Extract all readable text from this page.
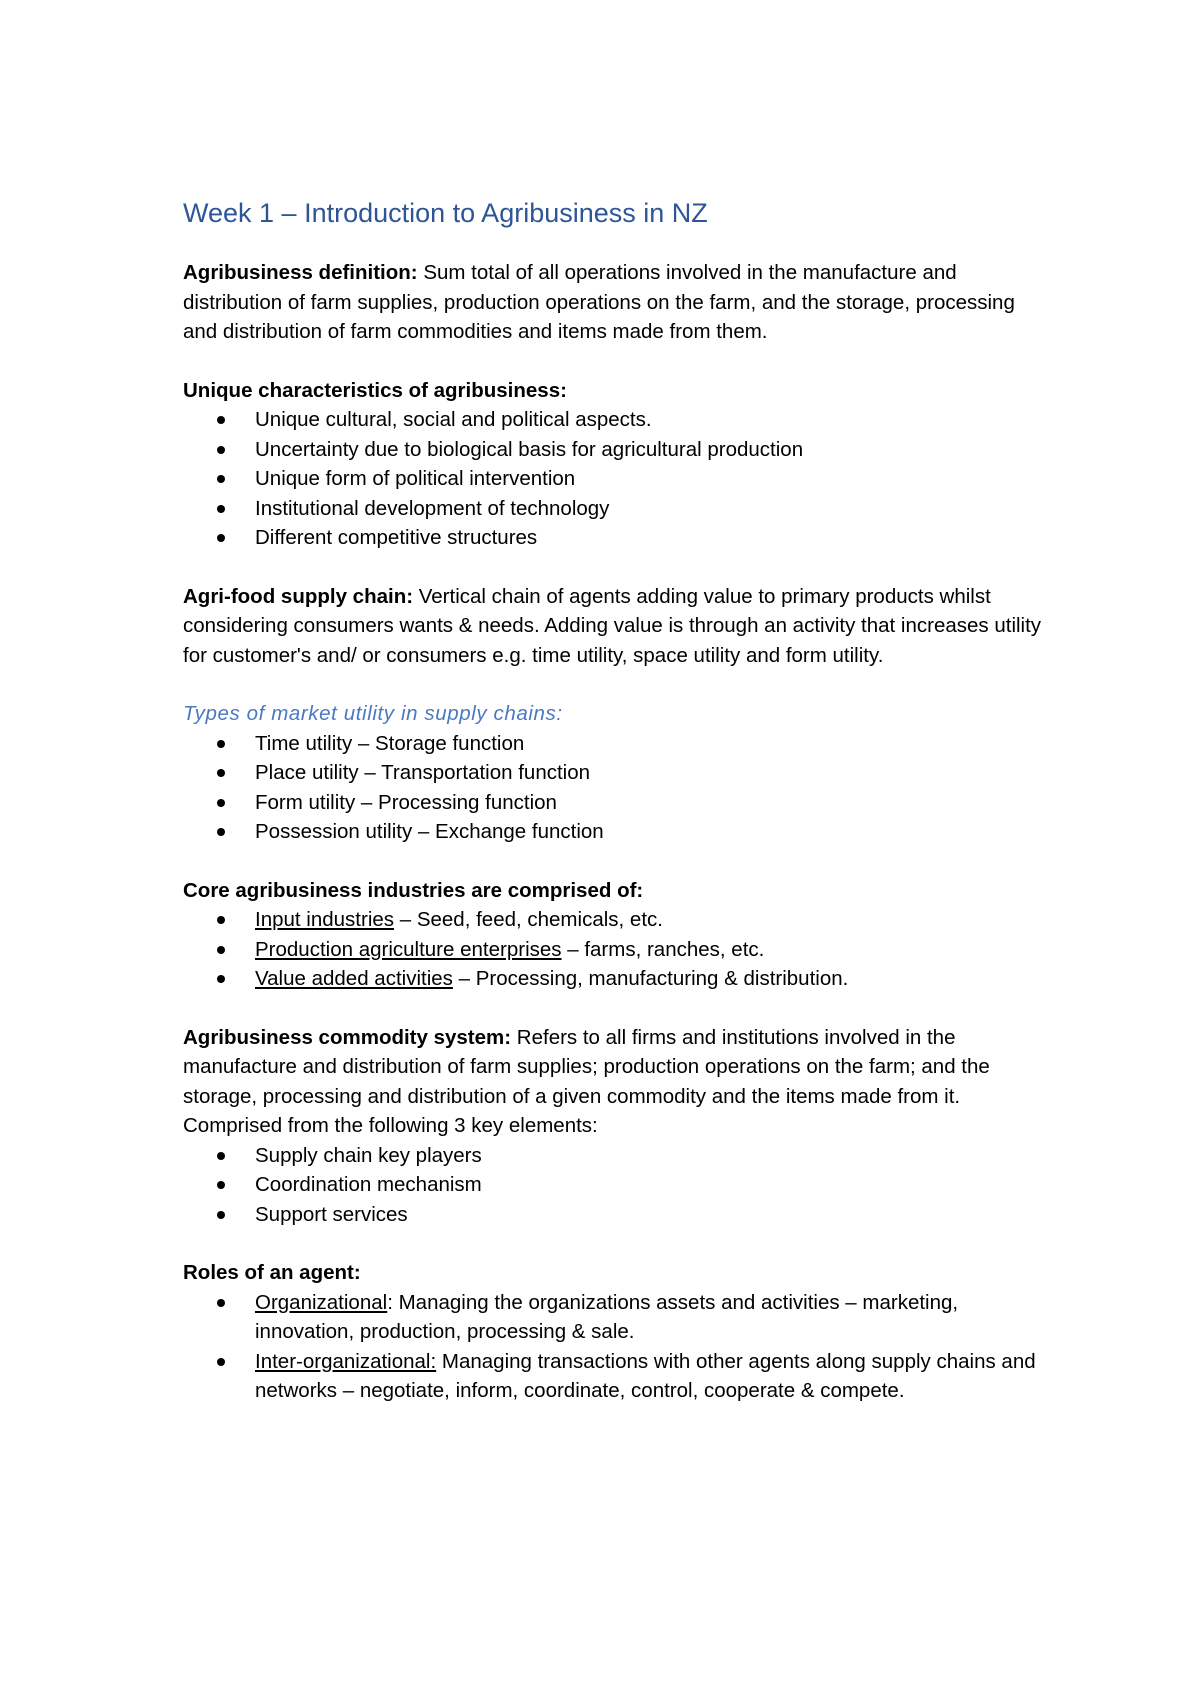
Week 1 – Introduction to Agribusiness in NZ

Agribusiness definition: Sum total of all operations involved in the manufacture and distribution of farm supplies, production operations on the farm, and the storage, processing and distribution of farm commodities and items made from them.

Unique characteristics of agribusiness:
Unique cultural, social and political aspects.
Uncertainty due to biological basis for agricultural production
Unique form of political intervention
Institutional development of technology
Different competitive structures

Agri-food supply chain: Vertical chain of agents adding value to primary products whilst considering consumers wants & needs. Adding value is through an activity that increases utility for customer's and/ or consumers e.g. time utility, space utility and form utility.

Types of market utility in supply chains:
Time utility – Storage function
Place utility – Transportation function
Form utility – Processing function
Possession utility – Exchange function
Core agribusiness industries are comprised of:
Input industries – Seed, feed, chemicals, etc.
Production agriculture enterprises – farms, ranches, etc.
Value added activities – Processing, manufacturing & distribution.

Agribusiness commodity system: Refers to all firms and institutions involved in the manufacture and distribution of farm supplies; production operations on the farm; and the storage, processing and distribution of a given commodity and the items made from it. Comprised from the following 3 key elements:

Supply chain key players
Coordination mechanism
Support services
Roles of an agent:
Organizational: Managing the organizations assets and activities – marketing, innovation, production, processing & sale.
Inter-organizational: Managing transactions with other agents along supply chains and networks – negotiate, inform, coordinate, control, cooperate & compete.
